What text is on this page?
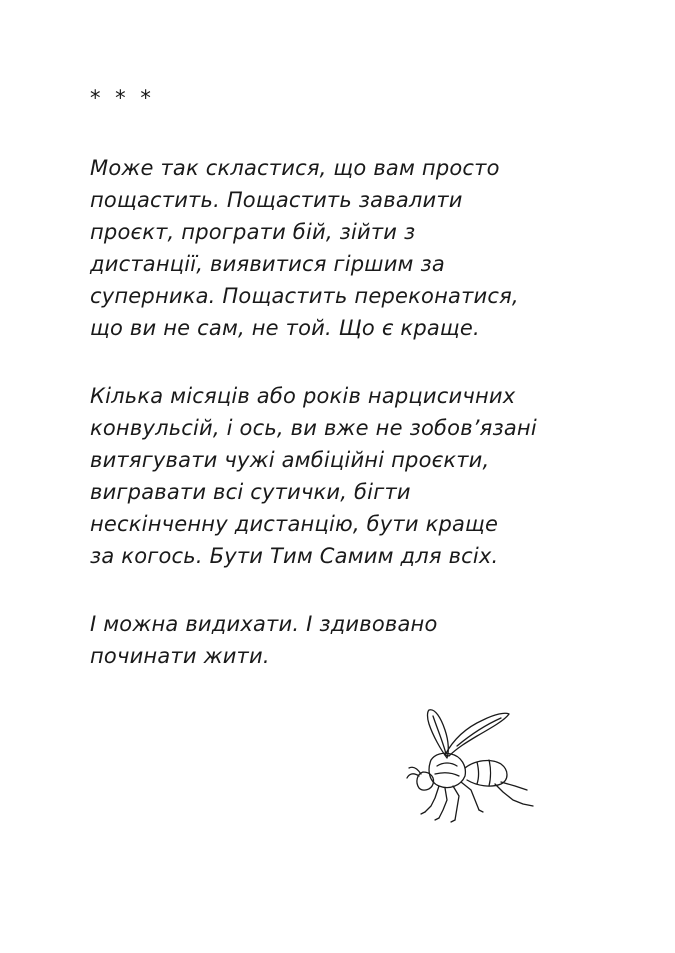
* * *
Може так скластися, що вам просто
пощастить. Пощастить завалити
проєкт, програти бій, зійти з
дистанції, виявитися гіршим за
суперника. Пощастить переконатися,
що ви не сам, не той. Що є краще.
Кілька місяців або років нарцисичних
конвульсій, і ось, ви вже не зобов’язані
витягувати чужі амбіційні проєкти,
вигравати всі сутички, бігти
нескінченну дистанцію, бути краще
за когось. Бути Тим Самим для всіх.
І можна видихати. І здивовано
починати жити.
